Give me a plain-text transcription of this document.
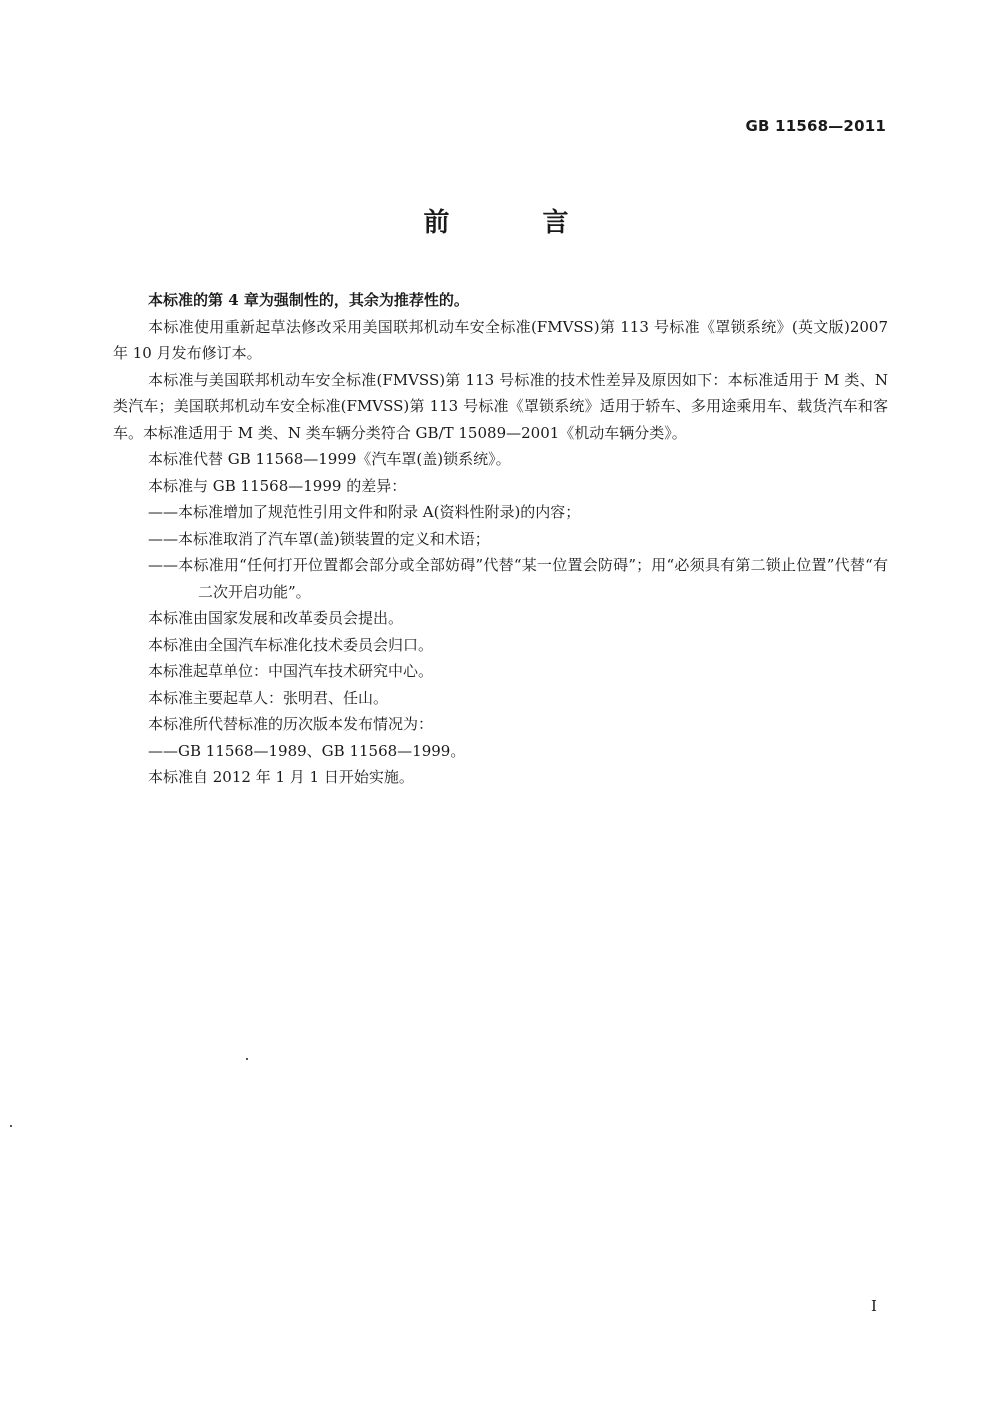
GB 11568—2011
前 言

本标准的第 4 章为强制性的，其余为推荐性的。

本标准使用重新起草法修改采用美国联邦机动车安全标准(FMVSS)第 113 号标准《罩锁系统》(英文版)2007 年 10 月发布修订本。

本标准与美国联邦机动车安全标准(FMVSS)第 113 号标准的技术性差异及原因如下：本标准适用于 M 类、N 类汽车；美国联邦机动车安全标准(FMVSS)第 113 号标准《罩锁系统》适用于轿车、多用途乘用车、载货汽车和客车。本标准适用于 M 类、N 类车辆分类符合 GB/T 15089—2001《机动车辆分类》。

本标准代替 GB 11568—1999《汽车罩(盖)锁系统》。

本标准与 GB 11568—1999 的差异：

——本标准增加了规范性引用文件和附录 A(资料性附录)的内容；

——本标准取消了汽车罩(盖)锁装置的定义和术语；

——本标准用“任何打开位置都会部分或全部妨碍”代替“某一位置会防碍”；用“必须具有第二锁止位置”代替“有二次开启功能”。

本标准由国家发展和改革委员会提出。

本标准由全国汽车标准化技术委员会归口。

本标准起草单位：中国汽车技术研究中心。

本标准主要起草人：张明君、任山。

本标准所代替标准的历次版本发布情况为：

——GB 11568—1989、GB 11568—1999。

本标准自 2012 年 1 月 1 日开始实施。

I
